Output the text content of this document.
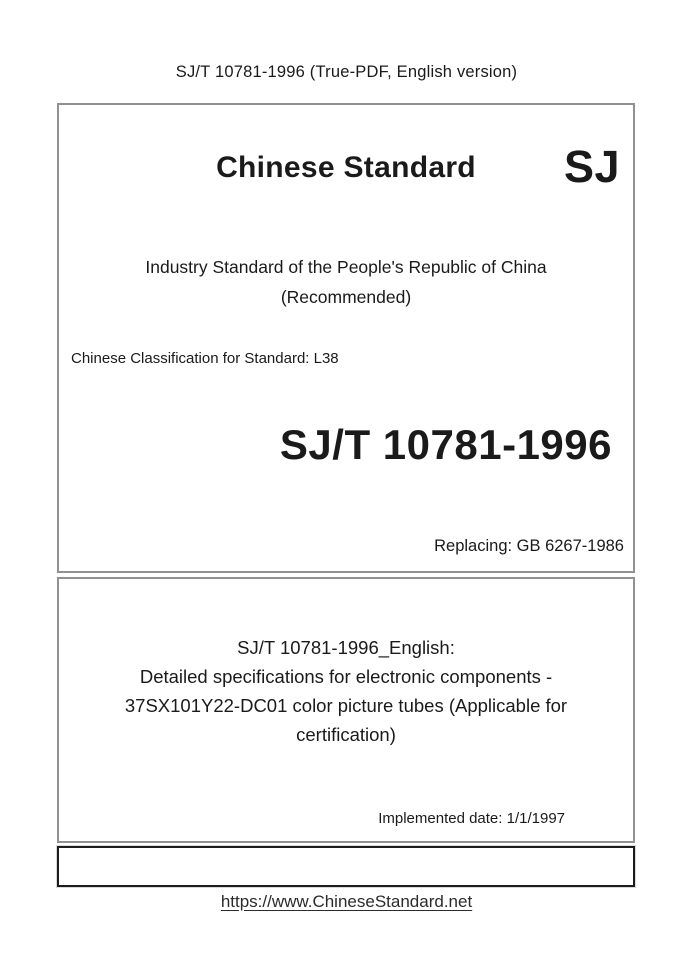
SJ/T 10781-1996 (True-PDF, English version)
Chinese Standard	SJ
Industry Standard of the People's Republic of China
(Recommended)
Chinese Classification for Standard: L38
SJ/T 10781-1996
Replacing: GB 6267-1986
SJ/T 10781-1996_English:
Detailed specifications for electronic components -
37SX101Y22-DC01 color picture tubes (Applicable for
certification)
Implemented date: 1/1/1997
https://www.ChineseStandard.net
